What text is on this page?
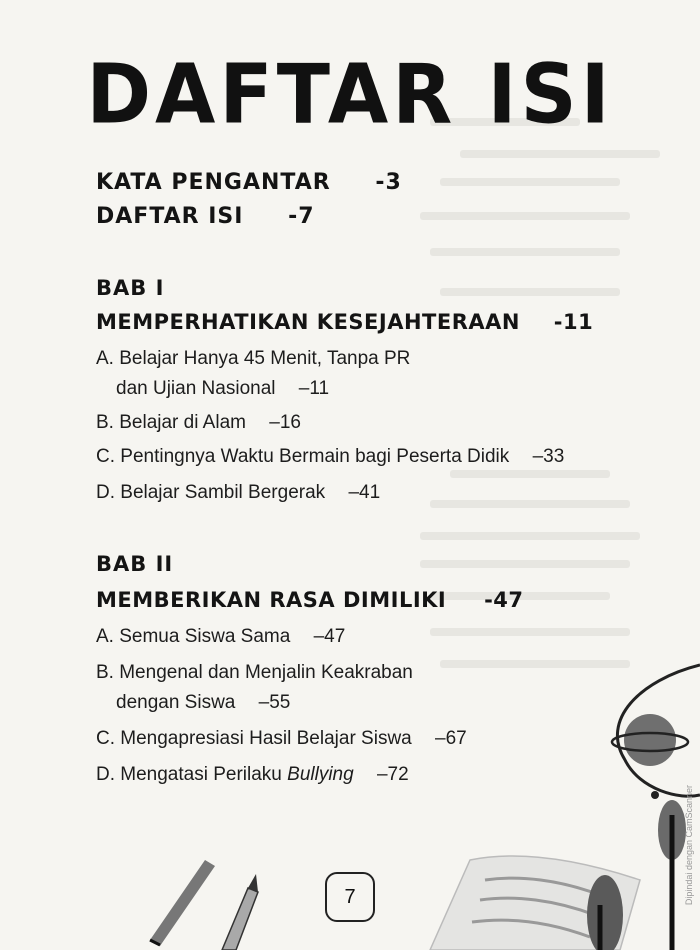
DAFTAR ISI
KATA PENGANTAR -3
DAFTAR ISI -7
BAB I
MEMPERHATIKAN KESEJAHTERAAN -11
A. Belajar Hanya 45 Menit, Tanpa PR
dan Ujian Nasional –11
B. Belajar di Alam –16
C. Pentingnya Waktu Bermain bagi Peserta Didik –33
D. Belajar Sambil Bergerak –41
BAB II
MEMBERIKAN RASA DIMILIKI -47
A. Semua Siswa Sama –47
B. Mengenal dan Menjalin Keakraban
dengan Siswa –55
C. Mengapresiasi Hasil Belajar Siswa –67
D. Mengatasi Perilaku Bullying –72
7	Dipindai dengan CamScanner
